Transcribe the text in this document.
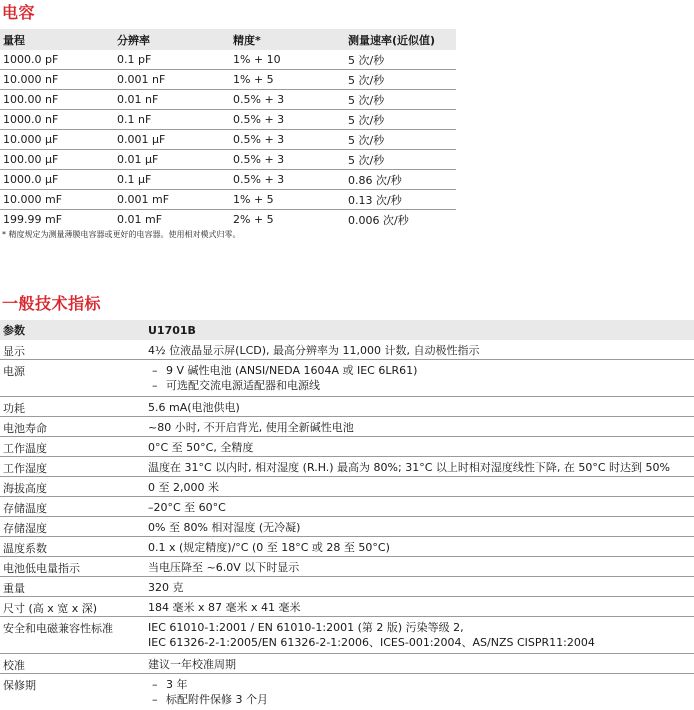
电容
量程	分辨率	精度*	测量速率(近似值)
1000.0 pF	0.1 pF	1% + 10	5 次/秒
10.000 nF	0.001 nF	1% + 5	5 次/秒
100.00 nF	0.01 nF	0.5% + 3	5 次/秒
1000.0 nF	0.1 nF	0.5% + 3	5 次/秒
10.000 µF	0.001 µF	0.5% + 3	5 次/秒
100.00 µF	0.01 µF	0.5% + 3	5 次/秒
1000.0 µF	0.1 µF	0.5% + 3	0.86 次/秒
10.000 mF	0.001 mF	1% + 5	0.13 次/秒
199.99 mF	0.01 mF	2% + 5	0.006 次/秒
* 精度规定为测量薄膜电容器或更好的电容器。使用相对模式归零。
一般技术指标
参数	U1701B
显示	4½ 位液晶显示屏(LCD), 最高分辨率为 11,000 计数, 自动极性指示
电源	– 9 V 碱性电池 (ANSI/NEDA 1604A 或 IEC 6LR61)
– 可选配交流电源适配器和电源线
功耗	5.6 mA(电池供电)
电池寿命	~80 小时, 不开启背光, 使用全新碱性电池
工作温度	0°C 至 50°C, 全精度
工作湿度	温度在 31°C 以内时, 相对湿度 (R.H.) 最高为 80%; 31°C 以上时相对湿度线性下降, 在 50°C 时达到 50%
海拔高度	0 至 2,000 米
存储温度	–20°C 至 60°C
存储湿度	0% 至 80% 相对湿度 (无冷凝)
温度系数	0.1 x (规定精度)/°C (0 至 18°C 或 28 至 50°C)
电池低电量指示	当电压降至 ~6.0V 以下时显示
重量	320 克
尺寸 (高 x 宽 x 深)	184 毫米 x 87 毫米 x 41 毫米
安全和电磁兼容性标准	IEC 61010-1:2001 / EN 61010-1:2001 (第 2 版) 污染等级 2,
IEC 61326-2-1:2005/EN 61326-2-1:2006、ICES-001:2004、AS/NZS CISPR11:2004
校准	建议一年校准周期
保修期	– 3 年
– 标配附件保修 3 个月
